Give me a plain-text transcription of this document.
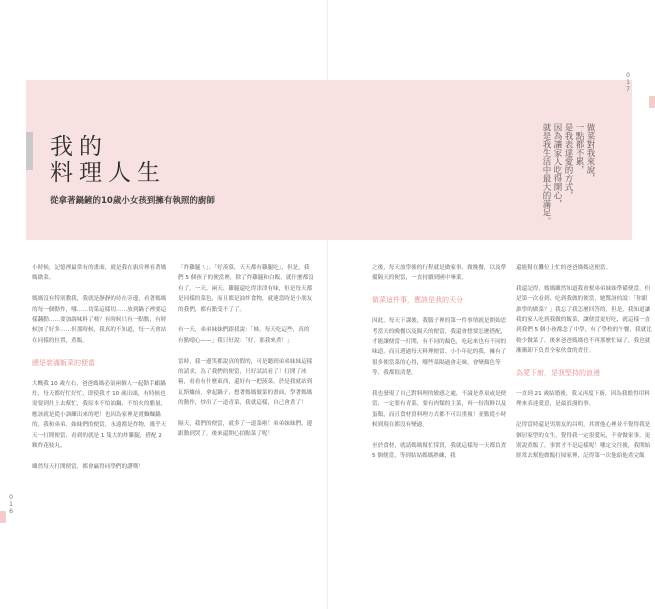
我的
料理人生
從拿著鍋鏟的10歲小女孩到擁有執照的廚師
做菜對我來說，
一點都不累，
是我表達愛的方式，
因為讓家人吃得開心，
就是我生活中最大的滿足。
0
1
6
0
1
7

小時候，記憶裡最常有的畫面，就是我在廚房裡看著媽媽做菜。

媽媽沒有特別教我，我就是靜靜的待在旁邊，看著媽媽的每一個動作，哪……切菜這樣切……放到鍋子裡要這樣翻動……要加調味料了嗎？有時候只有一點點，有時候加了好多……但那時候，我真的不知道，每一天會站在同樣的位置，煮飯。

總是裝滿飯菜的便當

大概我 10 歲左右，爸爸媽媽必須兩個人一起動手顧鍋灶，每天都好忙好忙，即使我才 10 歲出頭，有時候也需要到灶上去幫忙，我原本不怕油鍋、不怕火的膽量，應該就是從小訓練出來的吧！也因為家裡是賣麵麵鍋的，我和弟弟、妹妹們的便當，永遠都是炸物，幾乎天天一打開便當，看到的就是 1 隻大的炸雞腿，搭配 2 顆炸花枝丸。

雖然每天打開便當，都會贏得同學們的讚嘆！

「炸雞腿ㄟ」、「好羨慕，天天都有雞腿吃」，但是，我們 5 個孩子的便當裡，除了炸雞腿和白飯，就什麼都沒有了。一天、兩天、雞腿還吃得津津有味，但是每天都是同樣的菜色，而且都是油炸食物，就連當時是小朋友的我們，都有點受不了了。

有一天，弟弟妹妹們跟我說：「姊，每天吃這些，真的有點噁心——」我只好說：「好，那我來煮！」

當時，我一邊笑都說真的假的，可是聽到弟弟妹妹這樣的請求，為了我們的便當，只好試試看了！打開了冰箱，看看有什麼東西，還好有一把菠菜，於是我就站到瓦斯爐前，拿起鍋子，想著媽媽做菜的畫面，學著媽媽的動作，炒出了一道青菜，我就這樣，自己會煮了！

隔天，我們的便當，就多了一道菜啦！弟弟妹妹們，邊跟動到哭了，後來還開心拍點菜了呢！

之後，每天放學後的行程就是做家事、做晚餐，以及準備隔天的便當，一直持續到國中畢業。

做菜這件事，應該是我的天分

因此，每天下課後，我腦子裡的第一件事情就是開始思考當天的晚餐以及隔天的便當，我還會想要怎麼搭配，才能讓便當一打開，有不同的顏色，吃起來也有不同的味道，而且透過每天料理便當、小小年紀的我，擁有了很多便當菜的心得，哪些菜隔過會走味，會變顏色等等，我都很清楚。

我也發現了自己對料理的敏感之處，不論是煮桌或是便當，一定要有青菜，要有肉類的主菜，再一份海鮮以及蛋類，而且食材買料理方式都不可以重複！並點從小時候到現在都沒有變過。

至於食材，就請媽媽幫忙採買，我就這樣每一天都負責 5 個便當，等到姑姑媽媽熟練，我

還能幫在攤位上忙的爸爸媽媽送便當。

我還記得，媽媽雖然知道我會幫弟弟妹妹準備便當，但是第一次看到、吃到我做的便當，她驚訝的說：「你跟誰學的做菜？」我忘了我怎麼回答的，但是，我知道讓我的家人吃到我做的飯菜，讓便當更好吃，就這樣一直到我們 5 個小孩都念了中學，有了學校的午餐，我就比較少做菜了，後來爸爸媽媽也不再那麼忙碌了，我也就漸漸卸下負責全家伙食的責任。

為愛下廚，是我堅持的浪漫

一直到 21 歲結婚後，我又再度下廚，因為我擔得用料理來表達愛意，是最浪漫的事。

記得當時還是男朋友的昌明，其實他心裡並不覺得我是個居家型的女生，覺得我一定很愛玩，不會做家事，更別說煮飯了，事實才不是這樣呢！哪定交往後，我開始經常去幫他做飯打掃家裡，記得第一次他給他煮完飯
